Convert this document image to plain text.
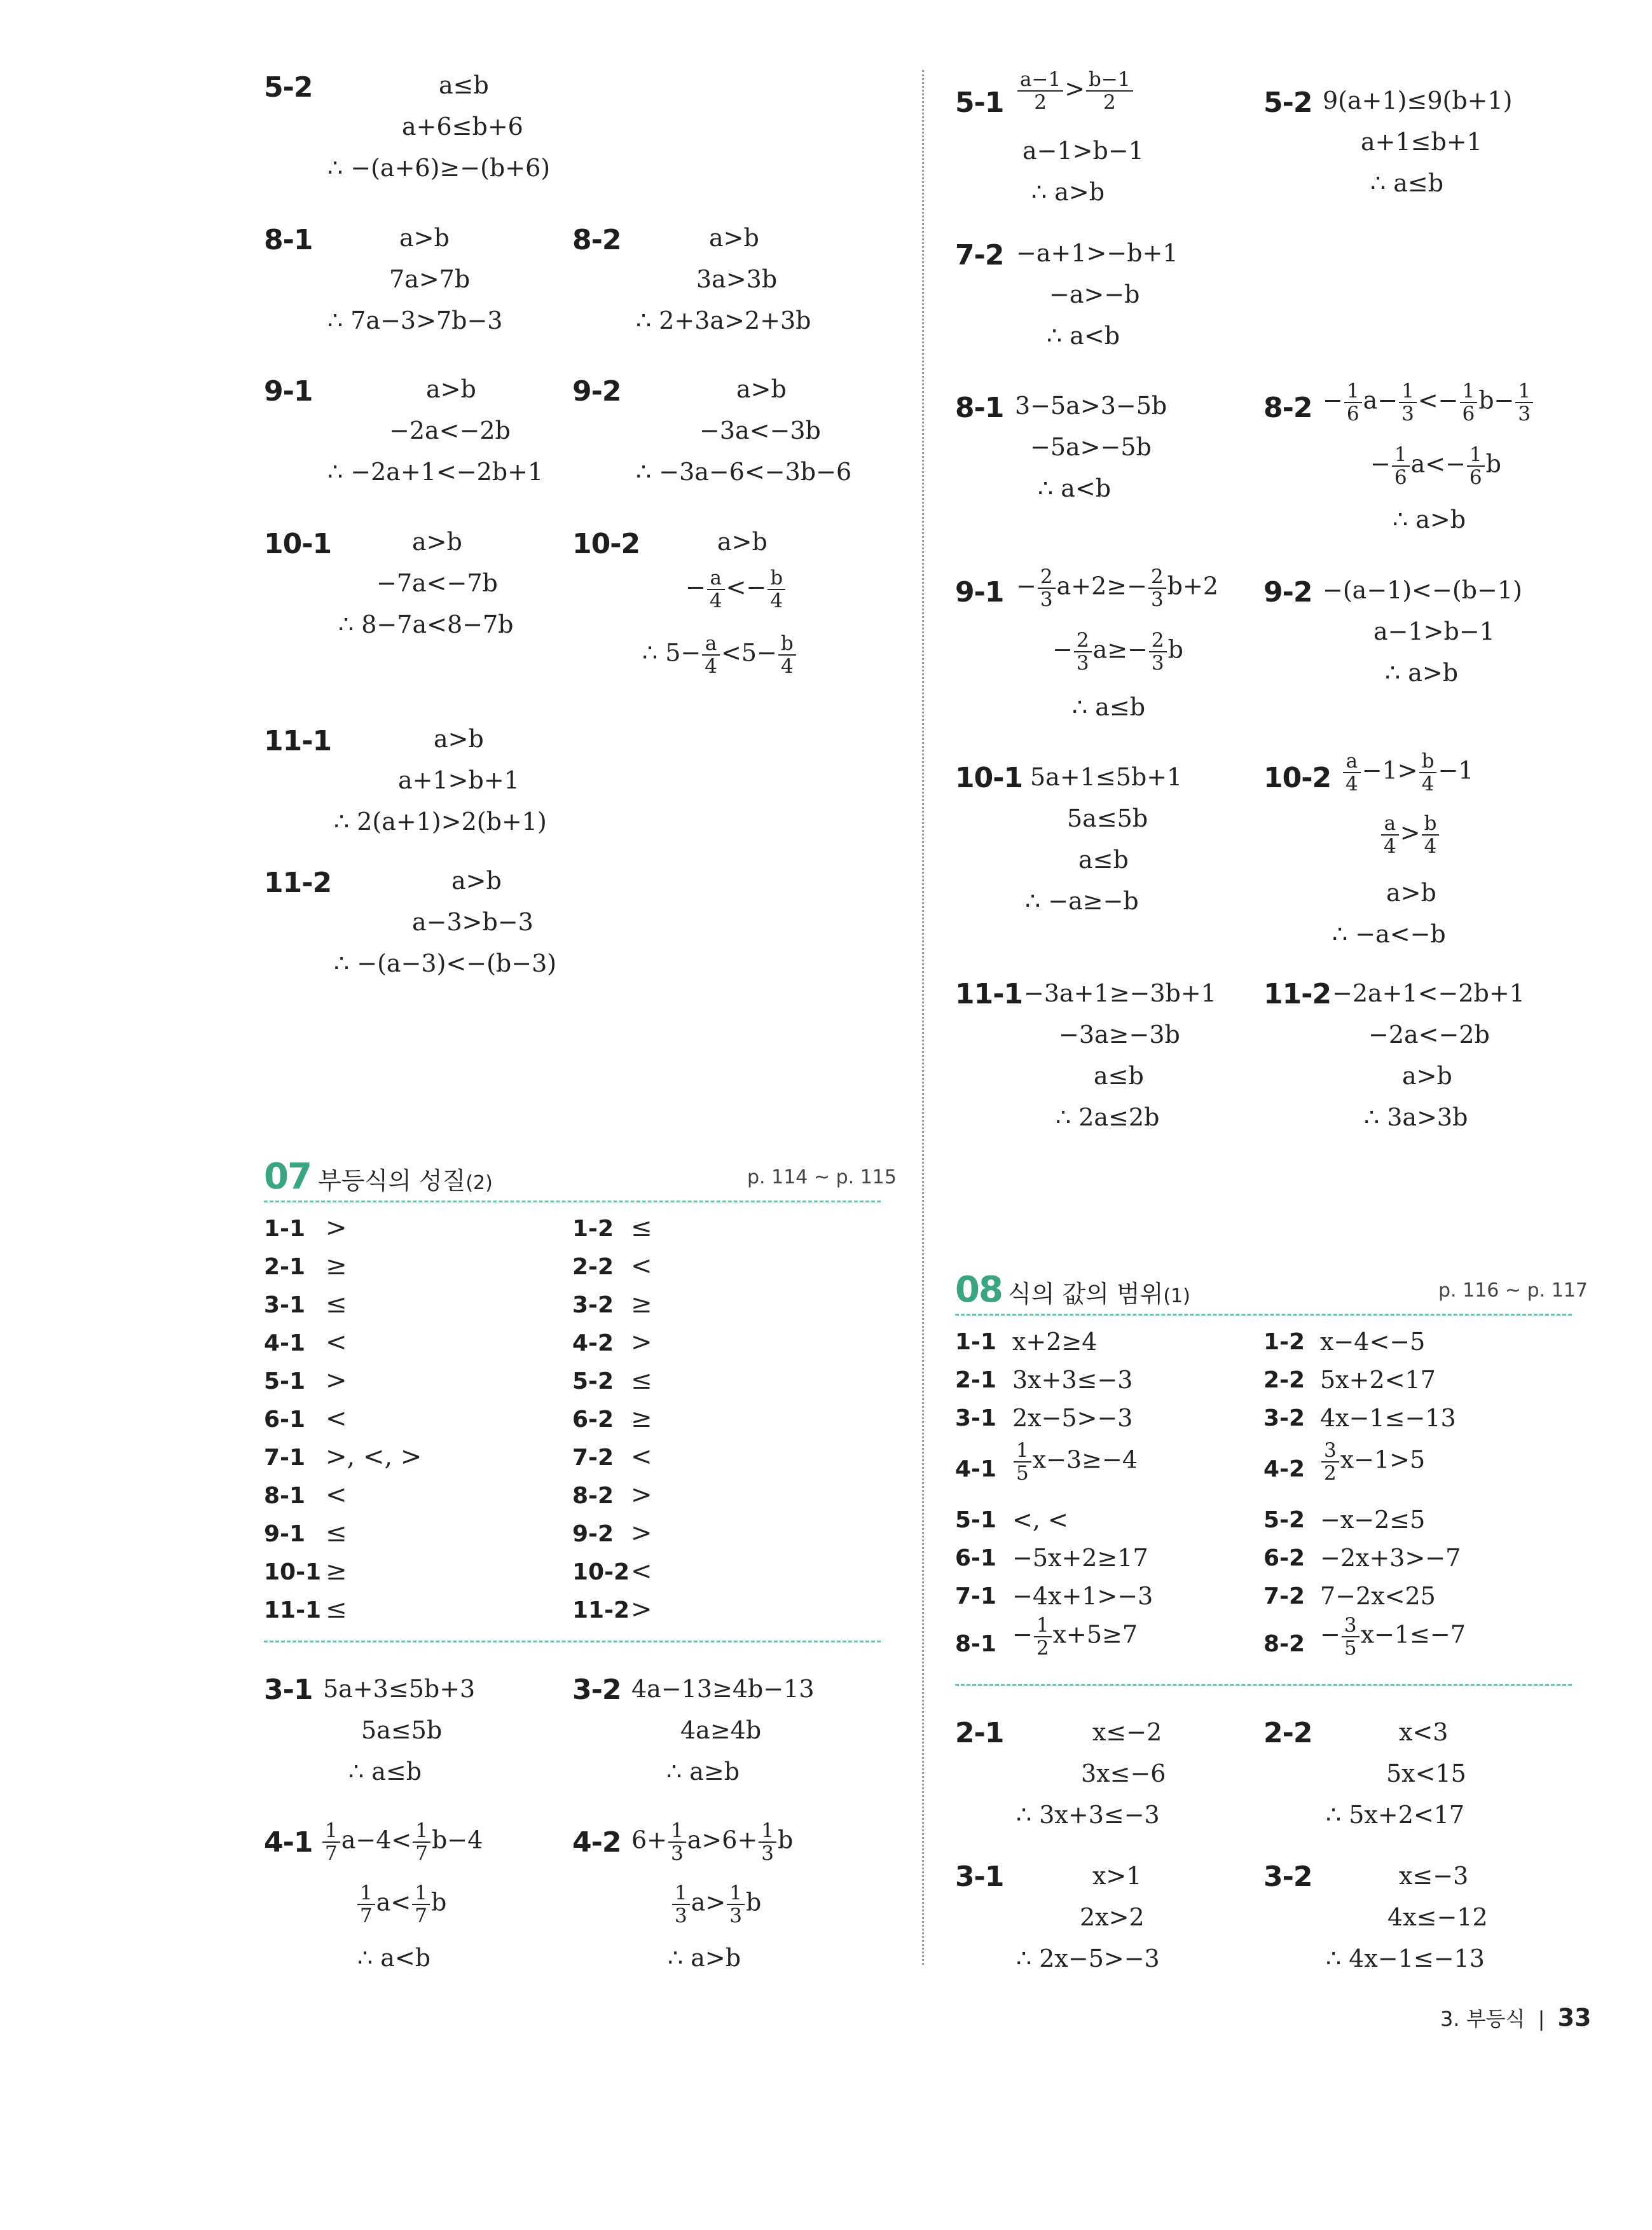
5-2	a≤b
a+6≤b+6
∴ −(a+6)≥−(b+6)
8-1	a>b
7a>7b
∴ 7a−3>7b−3
8-2	a>b
3a>3b
∴ 2+3a>2+3b
9-1	a>b
−2a<−2b
∴ −2a+1<−2b+1
9-2	a>b
−3a<−3b
∴ −3a−6<−3b−6
10-1	a>b
−7a<−7b
∴ 8−7a<8−7b
10-2	a>b
− $\frac{a}{4} <- \frac{b}{4}$
∴ $5- \frac{a}{4} <5- \frac{b}{4}$
11-1	a>b
a+1>b+1
∴ 2(a+1)>2(b+1)
11-2	a>b
a−3>b−3
∴ −(a−3)<−(b−3)
07 부등식의 성질(2)	p. 114 ~ p. 115
1-1 >
2-1 ≥
3-1 ≤
4-1 <
5-1 >
6-1 <
7-1 >, <, >
8-1 <
9-1 ≤
10-1 ≥
11-1 ≤
1-2 ≤
2-2 <
3-2 ≥
4-2 >
5-2 ≤
6-2 ≥
7-2 <
8-2 >
9-2 >
10-2 <
11-2 >
3-1 5a+3≤5b+3
5a≤5b
∴ a≤b
3-2 4a−13≥4b−13
4a≥4b
∴ a≥b
$4-1 \frac{1}{7} a-4< \frac{1}{7} b-4$
$\frac{1}{7} a< \frac{1}{7}$ b
∴ a<b
4-2 $6+ \frac{1}{3} a>6+ \frac{1}{3}$ b
$\frac{1}{3} a> \frac{1}{3}$ b
∴ a>b
$5-1 \frac{a-1}{2} > \frac{b-1}{2}$
a−1>b−1
∴ a>b
5-2 9(a+1)≤9(b+1)
a+1≤b+1
∴ a≤b
7-2 −a+1>−b+1
−a>−b
∴ a<b
8-1 3−5a>3−5b
−5a>−5b
∴ a<b
$8-2 - \frac{1}{6} a- \frac{1}{3} <- \frac{1}{6} b- \frac{1}{3}$
− $\frac{1}{6} a<- \frac{1}{6}$ b
∴ a>b
$9-1 - \frac{2}{3} a+2\ge- \frac{2}{3} b+2$
− $\frac{2}{3} a\ge- \frac{2}{3}$ b
∴ a≤b
9-2 −(a−1)<−(b−1)
a−1>b−1
∴ a>b
10-1 5a+1≤5b+1
5a≤5b
a≤b
∴ −a≥−b
$10-2 \frac{a}{4} -1> \frac{b}{4} -1$
$\frac{a}{4} > \frac{b}{4}$
a>b
∴ −a<−b
11-1 −3a+1≥−3b+1
−3a≥−3b
a≤b
∴ 2a≤2b
11-2 −2a+1<−2b+1
−2a<−2b
a>b
∴ 3a>3b
08 식의 값의 범위(1)	p. 116 ~ p. 117
1-1 x+2≥4
2-1 3x+3≤−3
3-1 2x−5>−3
$4-1 \frac{1}{5} x-3\ge-4$
5-1 <, <
6-1 −5x+2≥17
7-1 −4x+1>−3
$8-1 - \frac{1}{2} x+5\ge 7$
1-2 x−4<−5
2-2 5x+2<17
3-2 4x−1≤−13
$4-2 \frac{3}{2} x-1>5$
5-2 −x−2≤5
6-2 −2x+3>−7
7-2 7−2x<25
$8-2 - \frac{3}{5} x-1\le-7$
2-1	x≤−2
3x≤−6
∴ 3x+3≤−3
2-2	x<3
5x<15
∴ 5x+2<17
3-1	x>1
2x>2
∴ 2x−5>−3
3-2	x≤−3
4x≤−12
∴ 4x−1≤−13
3. 부등식 | 33
